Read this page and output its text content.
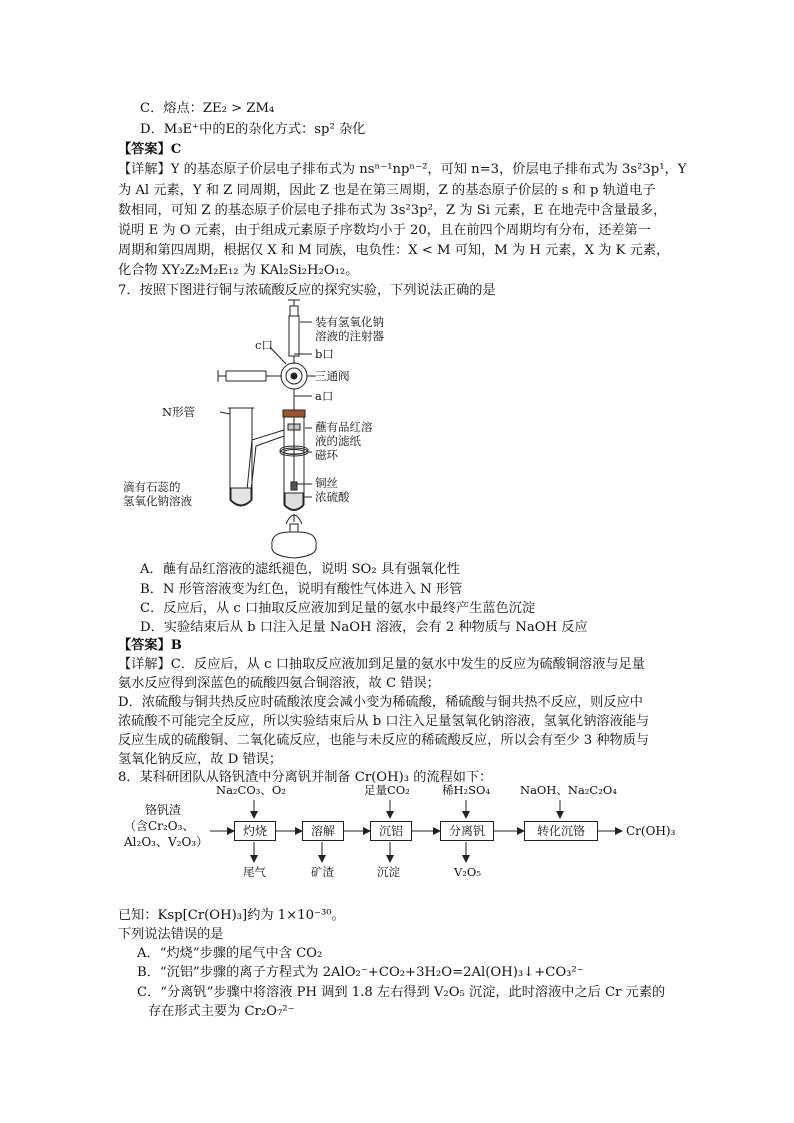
C．熔点：ZE₂ > ZM₄
D．M₃E⁺中的E的杂化方式：sp² 杂化
【答案】C
【详解】Y 的基态原子价层电子排布式为 nsⁿ⁻¹npⁿ⁻²，可知 n=3，价层电子排布式为 3s²3p¹，Y
为 Al 元素，Y 和 Z 同周期，因此 Z 也是在第三周期，Z 的基态原子价层的 s 和 p 轨道电子
数相同，可知 Z 的基态原子价层电子排布式为 3s²3p²，Z 为 Si 元素，E 在地壳中含量最多，
说明 E 为 O 元素，由于组成元素原子序数均小于 20，且在前四个周期均有分布，还差第一
周期和第四周期，根据仅 X 和 M 同族，电负性：X < M 可知，M 为 H 元素，X 为 K 元素，
化合物 XY₂Z₂M₂E₁₂ 为 KAl₂Si₂H₂O₁₂。
7．按照下图进行铜与浓硫酸反应的探究实验，下列说法正确的是
装有氢氧化钠
溶液的注射器
c口
b口
三通阀
a口
N形管
蘸有品红溶
液的滤纸
磁环
铜丝
浓硫酸
滴有石蕊的
氢氧化钠溶液
A．蘸有品红溶液的滤纸褪色，说明 SO₂ 具有强氧化性
B．N 形管溶液变为红色，说明有酸性气体进入 N 形管
C．反应后，从 c 口抽取反应液加到足量的氨水中最终产生蓝色沉淀
D．实验结束后从 b 口注入足量 NaOH 溶液，会有 2 种物质与 NaOH 反应
【答案】B
【详解】C．反应后，从 c 口抽取反应液加到足量的氨水中发生的反应为硫酸铜溶液与足量
氨水反应得到深蓝色的硫酸四氨合铜溶液，故 C 错误；
D．浓硫酸与铜共热反应时硫酸浓度会减小变为稀硫酸，稀硫酸与铜共热不反应，则反应中
浓硫酸不可能完全反应，所以实验结束后从 b 口注入足量氢氧化钠溶液，氢氧化钠溶液能与
反应生成的硫酸铜、二氧化硫反应，也能与未反应的稀硫酸反应，所以会有至少 3 种物质与
氢氧化钠反应，故 D 错误；
8．某科研团队从铬钒渣中分离钒并制备 Cr(OH)₃ 的流程如下：
铬钒渣
（含Cr₂O₃、
Al₂O₃、V₂O₃）
灼烧	溶解	沉铝	分离钒	转化沉铬
Na₂CO₃、O₂	足量CO₂	稀H₂SO₄	NaOH、Na₂C₂O₄
尾气	矿渣	沉淀	V₂O₅
Cr(OH)₃
已知：Ksp[Cr(OH)₃]约为 1×10⁻³⁰。
下列说法错误的是
A．“灼烧”步骤的尾气中含 CO₂
B．“沉铝”步骤的离子方程式为 2AlO₂⁻+CO₂+3H₂O=2Al(OH)₃↓+CO₃²⁻
C．“分离钒”步骤中将溶液 PH 调到 1.8 左右得到 V₂O₅ 沉淀，此时溶液中之后 Cr 元素的
存在形式主要为 Cr₂O₇²⁻
